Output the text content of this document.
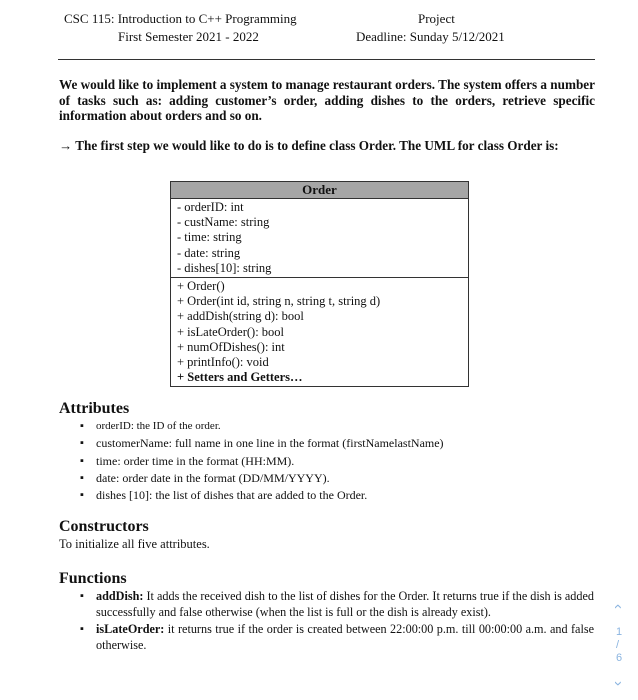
CSC 115: Introduction to C++ Programming
First Semester 2021 - 2022
Project
Deadline: Sunday 5/12/2021
We would like to implement a system to manage restaurant orders. The system offers a number of tasks such as: adding customer’s order, adding dishes to the orders, retrieve specific information about orders and so on.
→ The first step we would like to do is to define class Order. The UML for class Order is:
Order
- orderID: int
- custName: string
- time: string
- date: string
- dishes[10]: string
+ Order()
+ Order(int id, string n, string t, string d)
+ addDish(string d): bool
+ isLateOrder(): bool
+ numOfDishes(): int
+ printInfo(): void
+ Setters and Getters…
Attributes
▪ orderID: the ID of the order.
▪ customerName: full name in one line in the format (firstNamelastName)
▪ time: order time in the format (HH:MM).
▪ date: order date in the format (DD/MM/YYYY).
▪ dishes [10]: the list of dishes that are added to the Order.
Constructors
To initialize all five attributes.
Functions
▪ addDish: It adds the received dish to the list of dishes for the Order. It returns true if the dish is added successfully and false otherwise (when the list is full or the dish is already exist).
▪ isLateOrder: it returns true if the order is created between 22:00:00 p.m. till 00:00:00 a.m. and false otherwise.
‹
1
/
6
›
